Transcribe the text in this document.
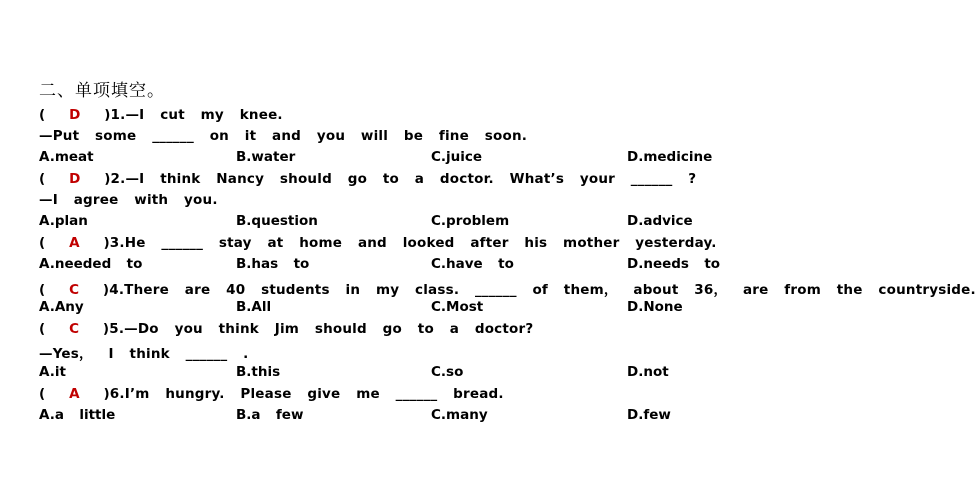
二、单项填空。
(   D )1.—I  cut  my  knee.
—Put  some  ______  on  it  and  you  will  be  fine  soon.
A.meat	B.water	C.juice	D.medicine
(   D )2.—I  think  Nancy  should  go  to  a  doctor.  What’s  your  ______  ?
—I  agree  with  you.
A.plan	B.question	C.problem	D.advice
(   A )3.He  ______  stay  at  home  and  looked  after  his  mother  yesterday.
A.needed  to	B.has  to	C.have  to	D.needs  to
(   C )4.There  are  40  students  in  my  class.  ______  of  them，  about  36，  are  from  the  countryside.
A.Any	B.All	C.Most	D.None
(   C )5.—Do  you  think  Jim  should  go  to  a  doctor?
—Yes，  I  think  ______  .
A.it	B.this	C.so	D.not
(   A )6.I’m  hungry.  Please  give  me  ______  bread.
A.a  little	B.a  few	C.many	D.few
